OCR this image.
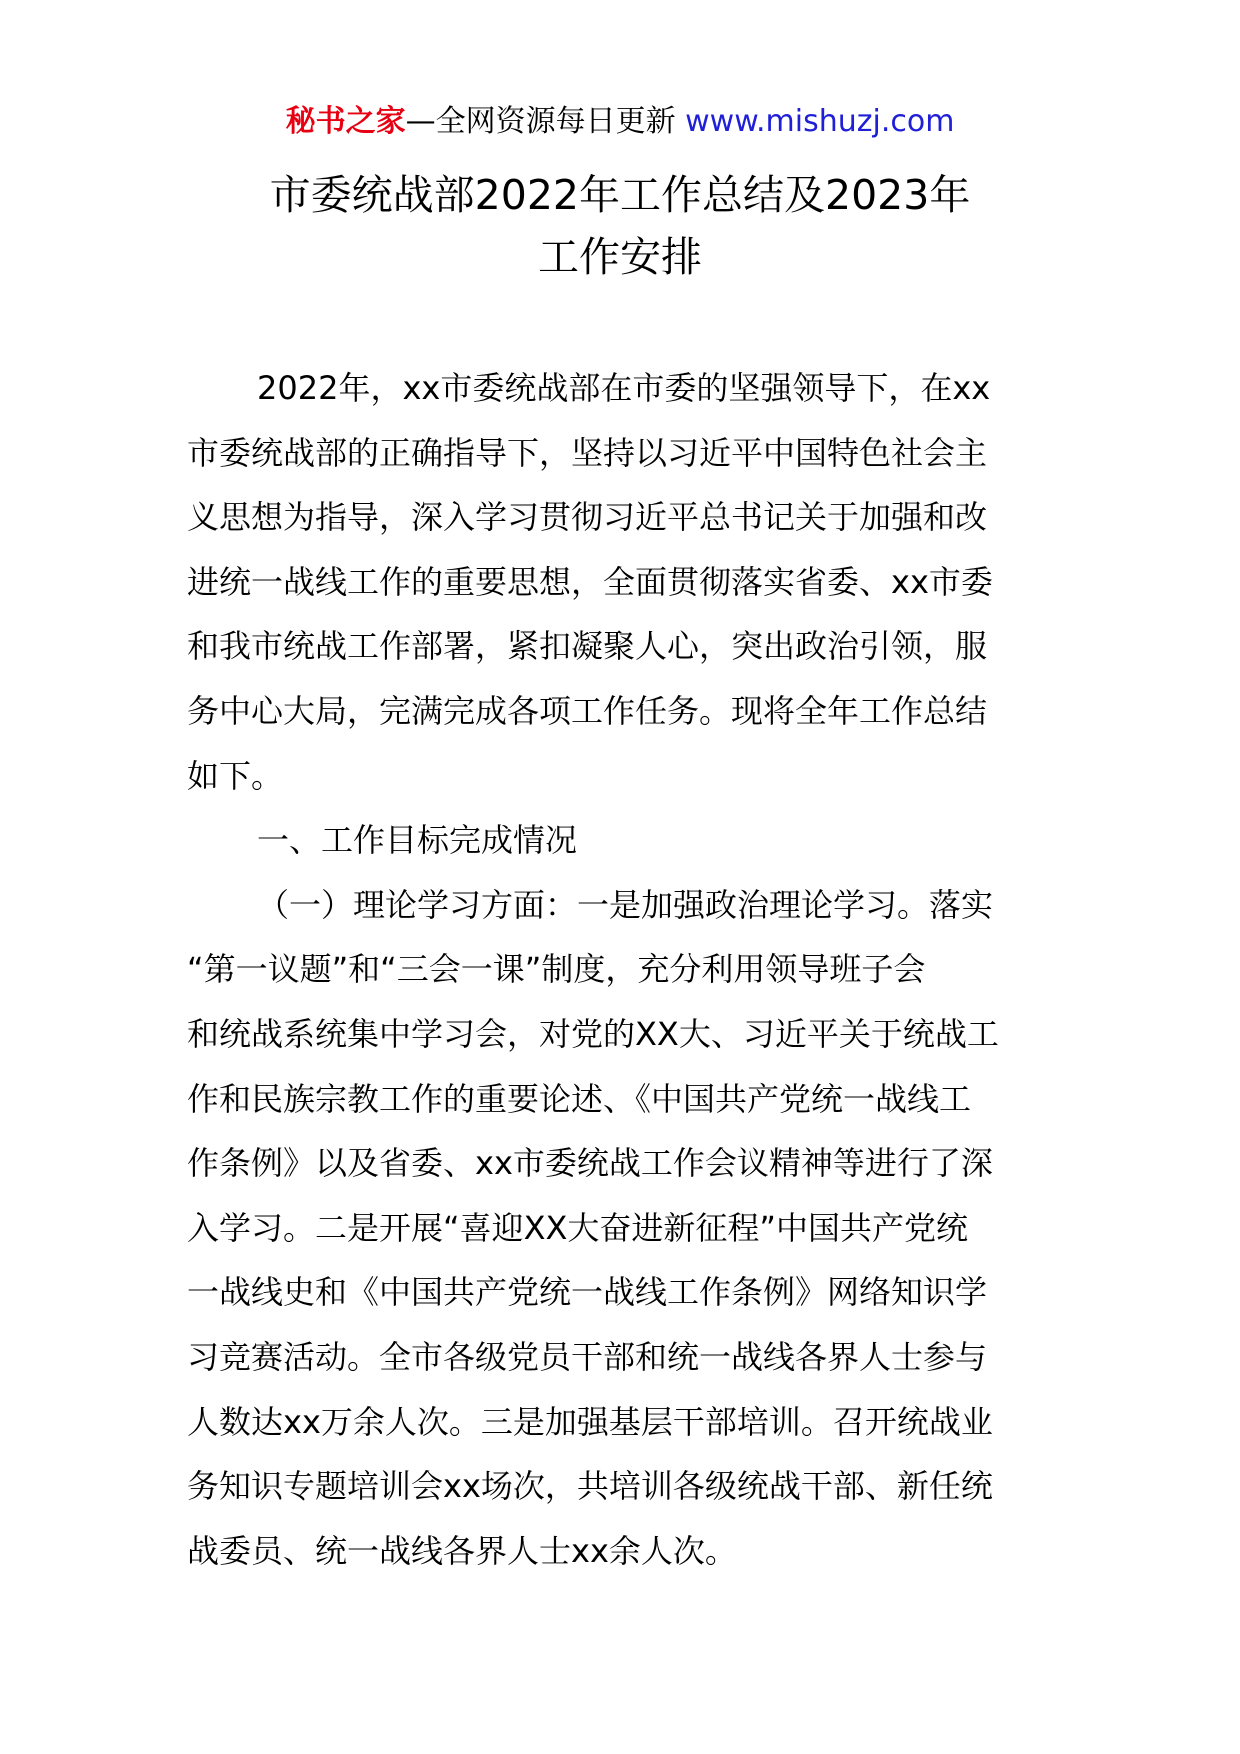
秘书之家—全网资源每日更新 www.mishuzj.com
市委统战部2022年工作总结及2023年
工作安排
2022年，xx市委统战部在市委的坚强领导下，在xx
市委统战部的正确指导下，坚持以习近平中国特色社会主
义思想为指导，深入学习贯彻习近平总书记关于加强和改
进统一战线工作的重要思想，全面贯彻落实省委、xx市委
和我市统战工作部署，紧扣凝聚人心，突出政治引领，服
务中心大局，完满完成各项工作任务。现将全年工作总结
如下。
一、工作目标完成情况
（一）理论学习方面：一是加强政治理论学习。落实
“第一议题”和“三会一课”制度，充分利用领导班子会
和统战系统集中学习会，对党的XX大、习近平关于统战工
作和民族宗教工作的重要论述、《中国共产党统一战线工
作条例》以及省委、xx市委统战工作会议精神等进行了深
入学习。二是开展“喜迎XX大奋进新征程”中国共产党统
一战线史和《中国共产党统一战线工作条例》网络知识学
习竞赛活动。全市各级党员干部和统一战线各界人士参与
人数达xx万余人次。三是加强基层干部培训。召开统战业
务知识专题培训会xx场次，共培训各级统战干部、新任统
战委员、统一战线各界人士xx余人次。
